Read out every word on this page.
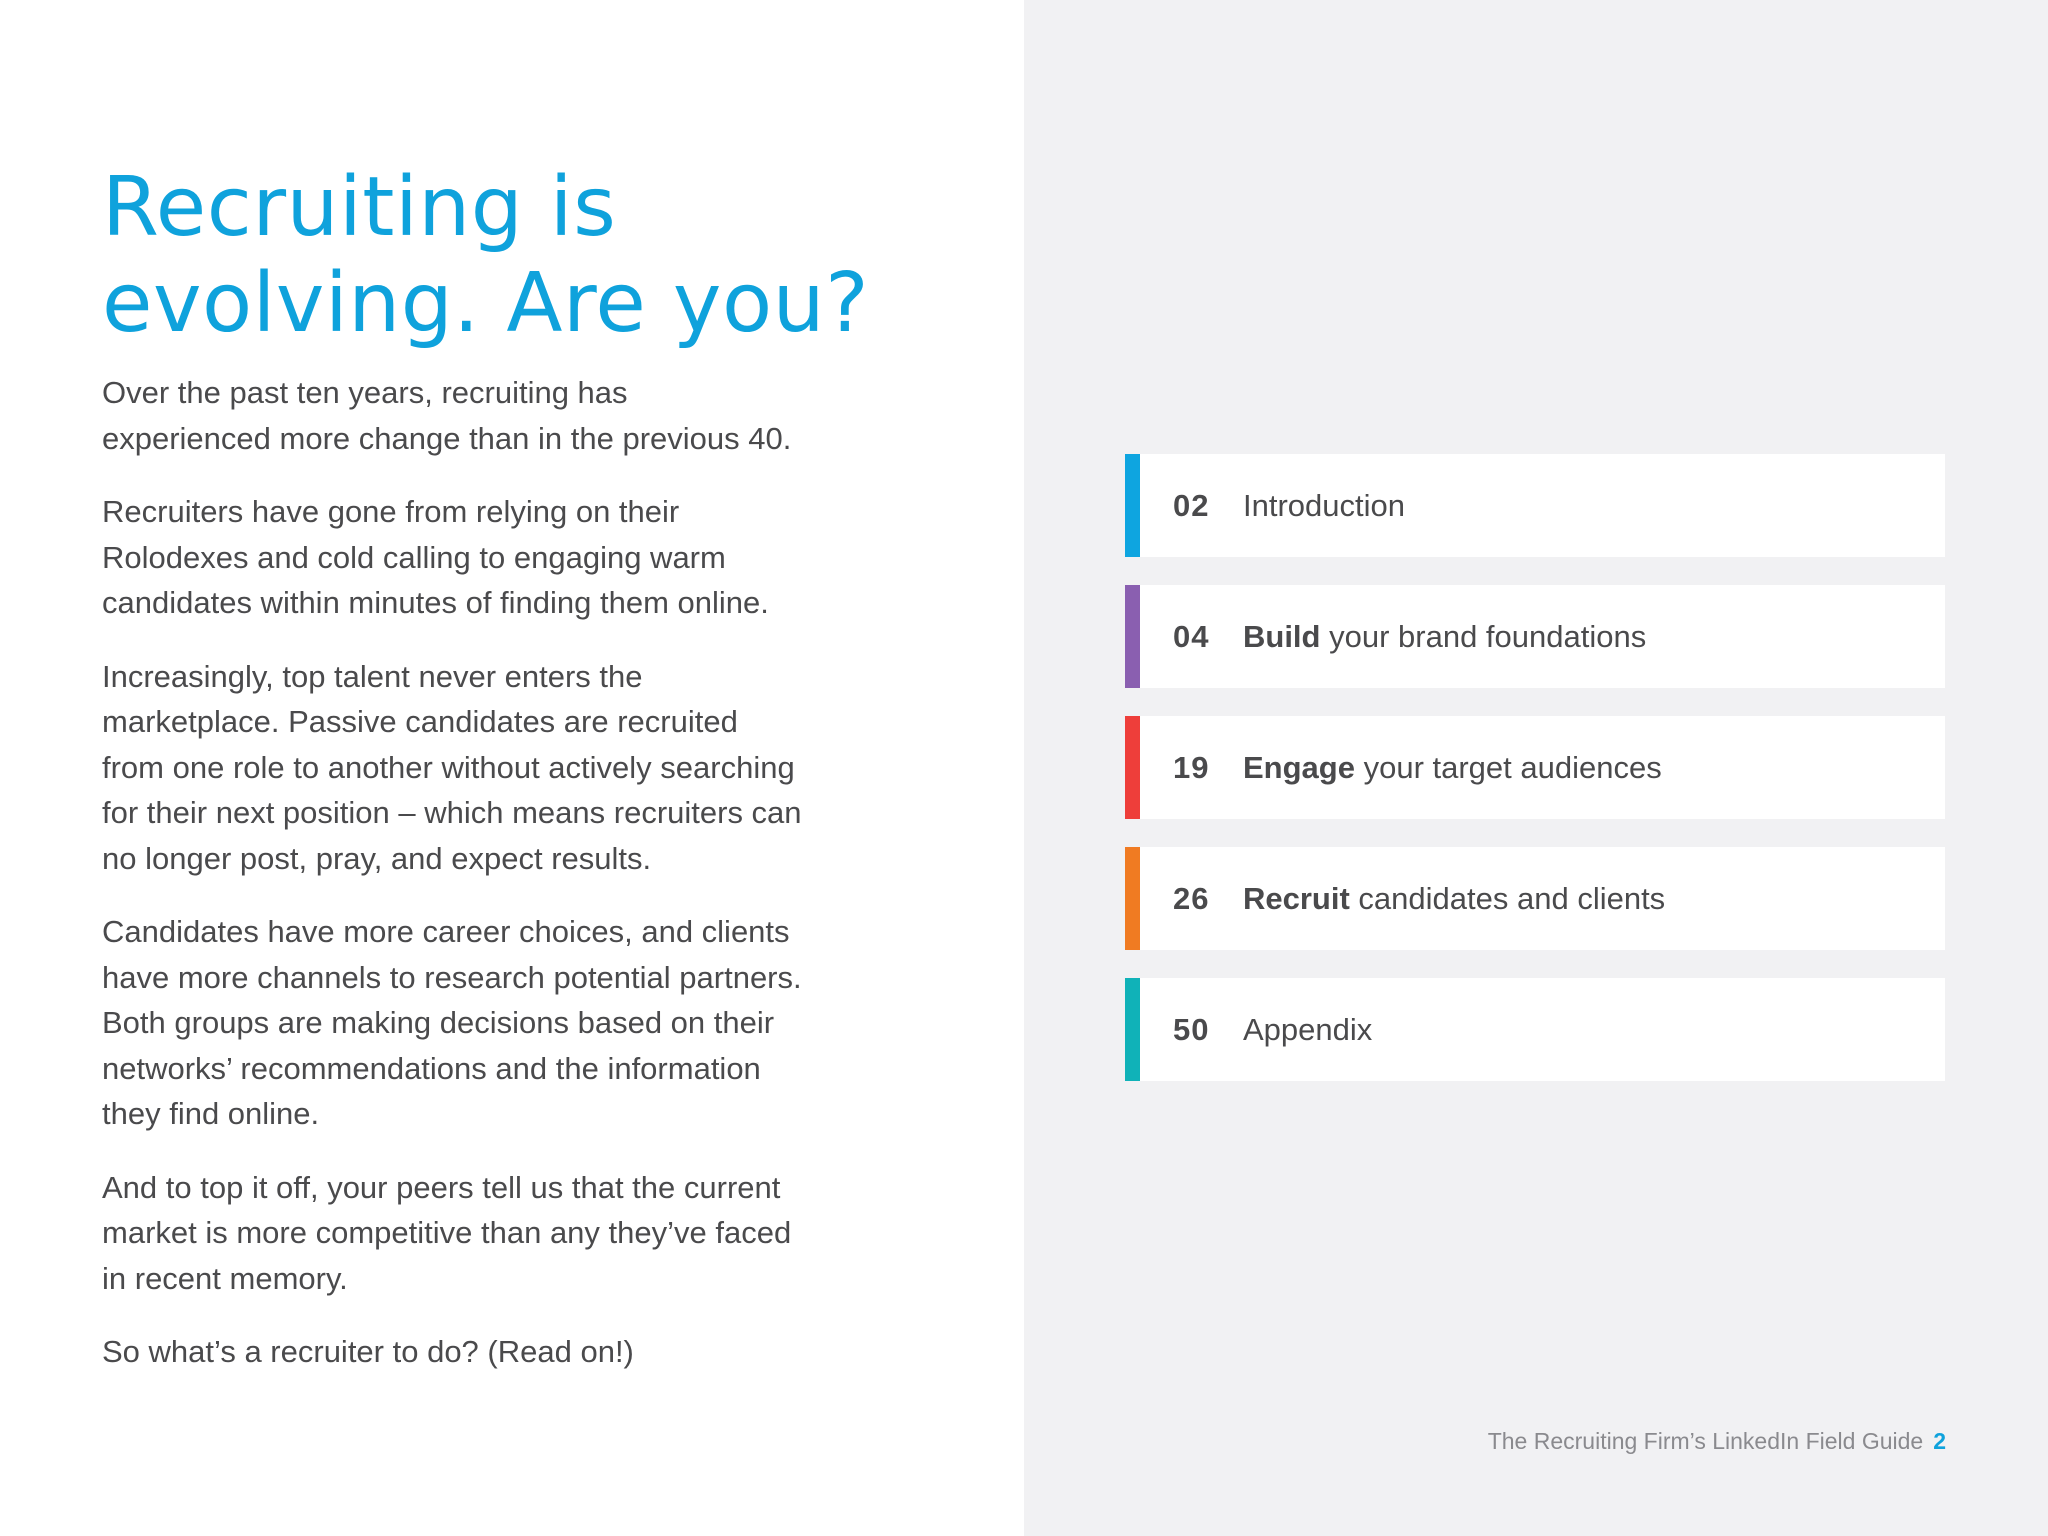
Recruiting is
evolving. Are you?

Over the past ten years, recruiting has
experienced more change than in the previous 40.

Recruiters have gone from relying on their
Rolodexes and cold calling to engaging warm
candidates within minutes of finding them online.

Increasingly, top talent never enters the
marketplace. Passive candidates are recruited
from one role to another without actively searching
for their next position – which means recruiters can
no longer post, pray, and expect results.

Candidates have more career choices, and clients
have more channels to research potential partners.
Both groups are making decisions based on their
networks’ recommendations and the information
they find online.

And to top it off, your peers tell us that the current
market is more competitive than any they’ve faced
in recent memory.

So what’s a recruiter to do? (Read on!)

02 Introduction
04 Build your brand foundations
19 Engage your target audiences
26 Recruit candidates and clients
50 Appendix
The Recruiting Firm’s LinkedIn Field Guide 2
